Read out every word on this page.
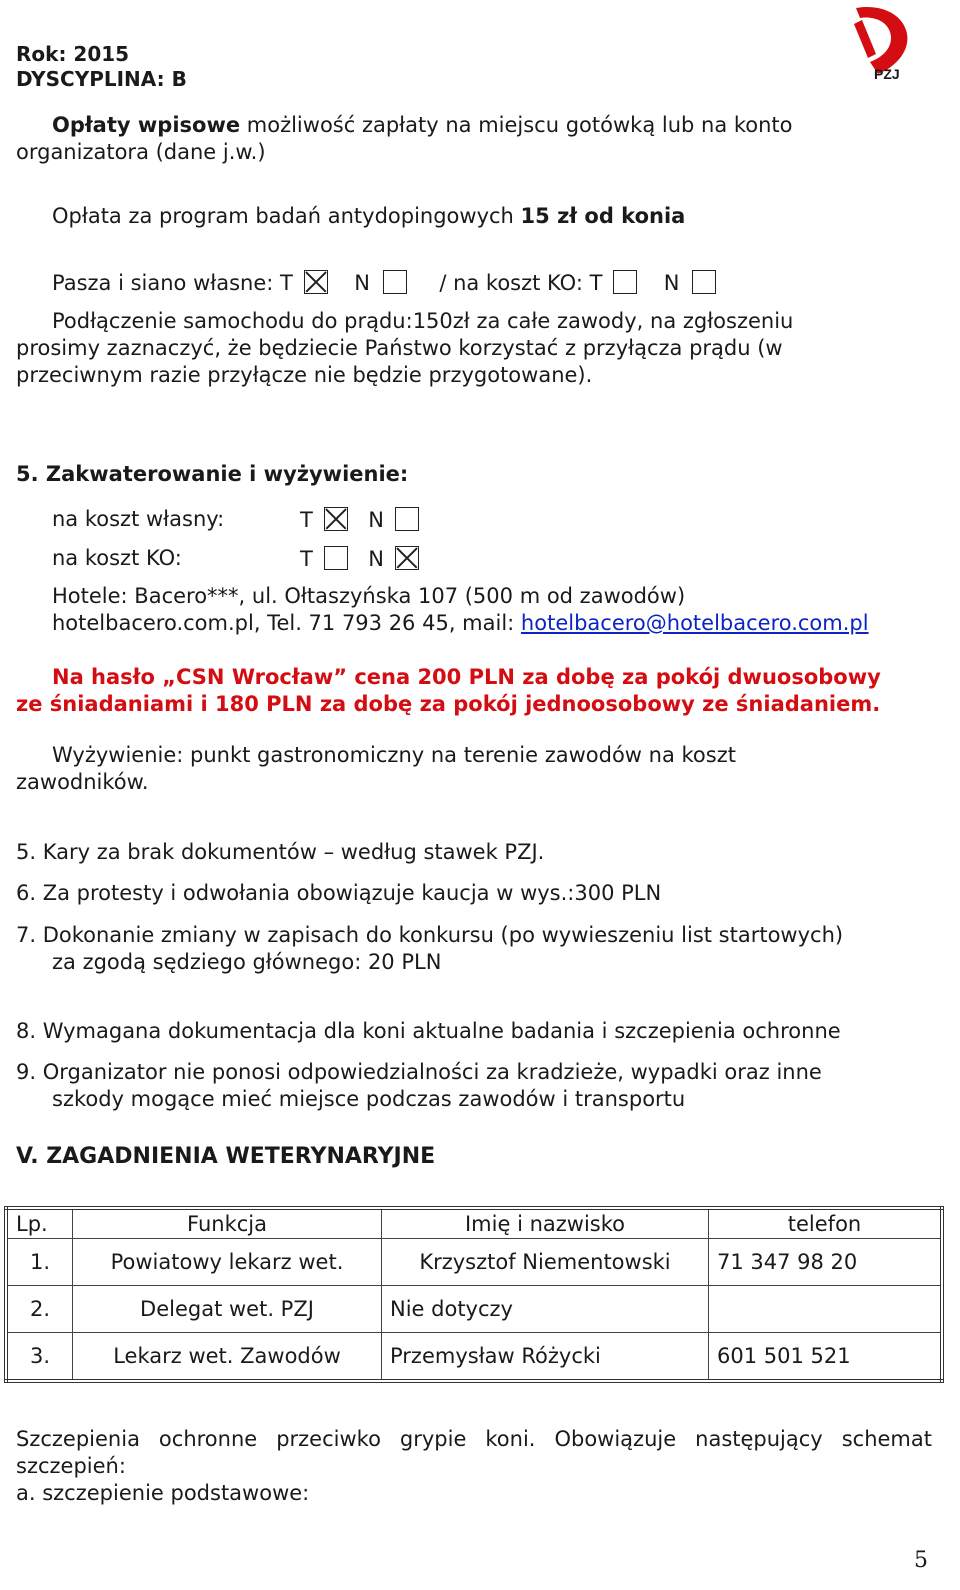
Rok: 2015
DYSCYPLINA: B	PZJ
Opłaty wpisowe możliwość zapłaty na miejscu gotówką lub na konto
organizatora (dane j.w.)
Opłata za program badań antydopingowych 15 zł od konia
Pasza i siano własne: T	N	/ na koszt KO: T	N
Podłączenie samochodu do prądu:150zł za całe zawody, na zgłoszeniu
prosimy zaznaczyć, że będziecie Państwo korzystać z przyłącza prądu (w
przeciwnym razie przyłącze nie będzie przygotowane).
5. Zakwaterowanie i wyżywienie:
na koszt własny:	T	N
na koszt KO:	T	N
Hotele: Bacero***, ul. Ołtaszyńska 107 (500 m od zawodów)
hotelbacero.com.pl, Tel. 71 793 26 45, mail: hotelbacero@hotelbacero.com.pl
Na hasło „CSN Wrocław” cena 200 PLN za dobę za pokój dwuosobowy
ze śniadaniami i 180 PLN za dobę za pokój jednoosobowy ze śniadaniem.
Wyżywienie: punkt gastronomiczny na terenie zawodów na koszt
zawodników.
5. Kary za brak dokumentów – według stawek PZJ.
6. Za protesty i odwołania obowiązuje kaucja w wys.:300 PLN
7. Dokonanie zmiany w zapisach do konkursu (po wywieszeniu list startowych)
za zgodą sędziego głównego: 20 PLN
8. Wymagana dokumentacja dla koni aktualne badania i szczepienia ochronne
9. Organizator nie ponosi odpowiedzialności za kradzieże, wypadki oraz inne
szkody mogące mieć miejsce podczas zawodów i transportu
V. ZAGADNIENIA WETERYNARYJNE
Lp.	Funkcja	Imię i nazwisko	telefon
1.	Powiatowy lekarz wet.	Krzysztof Niementowski	71 347 98 20
2.	Delegat wet. PZJ	Nie dotyczy	
3.	Lekarz wet. Zawodów	Przemysław Różycki	601 501 521
Szczepienia ochronne przeciwko grypie koni. Obowiązuje następujący schemat
szczepień:
a. szczepienie podstawowe:
5
